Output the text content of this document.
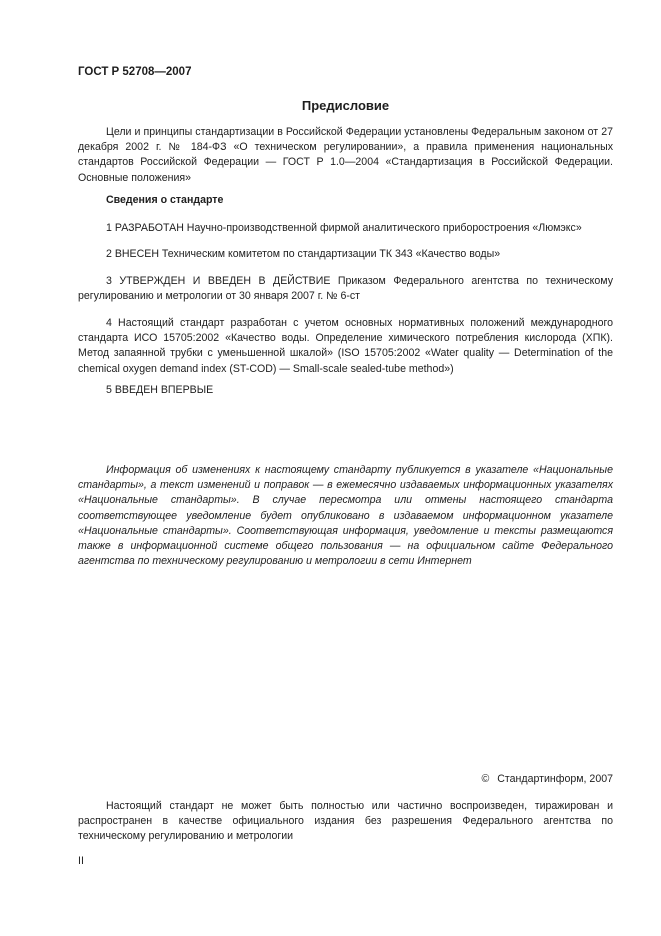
ГОСТ Р 52708—2007
Предисловие

Цели и принципы стандартизации в Российской Федерации установлены Федеральным законом от 27 декабря 2002 г. № 184-ФЗ «О техническом регулировании», а правила применения национальных стандартов Российской Федерации — ГОСТ Р 1.0—2004 «Стандартизация в Российской Федерации. Основные положения»

Сведения о стандарте

1 РАЗРАБОТАН Научно-производственной фирмой аналитического приборостроения «Люмэкс»

2 ВНЕСЕН Техническим комитетом по стандартизации ТК 343 «Качество воды»

3 УТВЕРЖДЕН И ВВЕДЕН В ДЕЙСТВИЕ Приказом Федерального агентства по техническому регулированию и метрологии от 30 января 2007 г. № 6-ст

4 Настоящий стандарт разработан с учетом основных нормативных положений международного стандарта ИСО 15705:2002 «Качество воды. Определение химического потребления кислорода (ХПК). Метод запаянной трубки с уменьшенной шкалой» (ISO 15705:2002 «Water quality — Determination of the chemical oxygen demand index (ST-COD) — Small-scale sealed-tube method»)

5 ВВЕДЕН ВПЕРВЫЕ

Информация об изменениях к настоящему стандарту публикуется в указателе «Национальные стандарты», а текст изменений и поправок — в ежемесячно издаваемых информационных указателях «Национальные стандарты». В случае пересмотра или отмены настоящего стандарта соответствующее уведомление будет опубликовано в издаваемом информационном указателе «Национальные стандарты». Соответствующая информация, уведомление и тексты размещаются также в информационной системе общего пользования — на официальном сайте Федерального агентства по техническому регулированию и метрологии в сети Интернет

© Стандартинформ, 2007

Настоящий стандарт не может быть полностью или частично воспроизведен, тиражирован и распространен в качестве официального издания без разрешения Федерального агентства по техническому регулированию и метрологии

II
